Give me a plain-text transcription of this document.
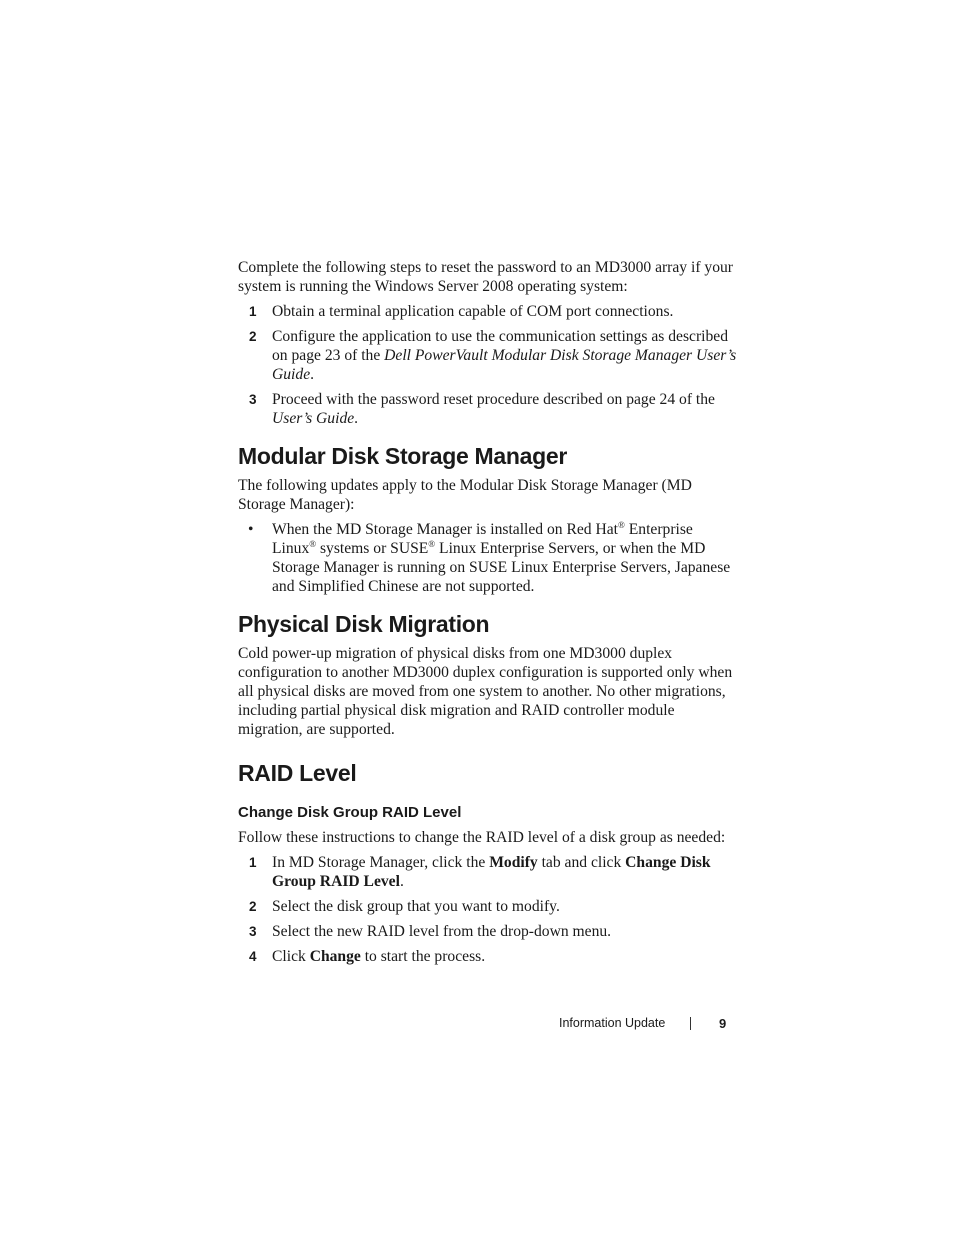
Complete the following steps to reset the password to an MD3000 array if your system is running the Windows Server 2008 operating system:

1 Obtain a terminal application capable of COM port connections.
2 Configure the application to use the communication settings as described on page 23 of the Dell PowerVault Modular Disk Storage Manager User’s Guide.
3 Proceed with the password reset procedure described on page 24 of the User’s Guide.
Modular Disk Storage Manager

The following updates apply to the Modular Disk Storage Manager (MD Storage Manager):

• When the MD Storage Manager is installed on Red Hat® Enterprise Linux® systems or SUSE® Linux Enterprise Servers, or when the MD Storage Manager is running on SUSE Linux Enterprise Servers, Japanese and Simplified Chinese are not supported.
Physical Disk Migration

Cold power-up migration of physical disks from one MD3000 duplex configuration to another MD3000 duplex configuration is supported only when all physical disks are moved from one system to another. No other migrations, including partial physical disk migration and RAID controller module migration, are supported.

RAID Level
Change Disk Group RAID Level

Follow these instructions to change the RAID level of a disk group as needed:

1 In MD Storage Manager, click the Modify tab and click Change Disk Group RAID Level.
2 Select the disk group that you want to modify.
3 Select the new RAID level from the drop-down menu.
4 Click Change to start the process.
Information Update	9
